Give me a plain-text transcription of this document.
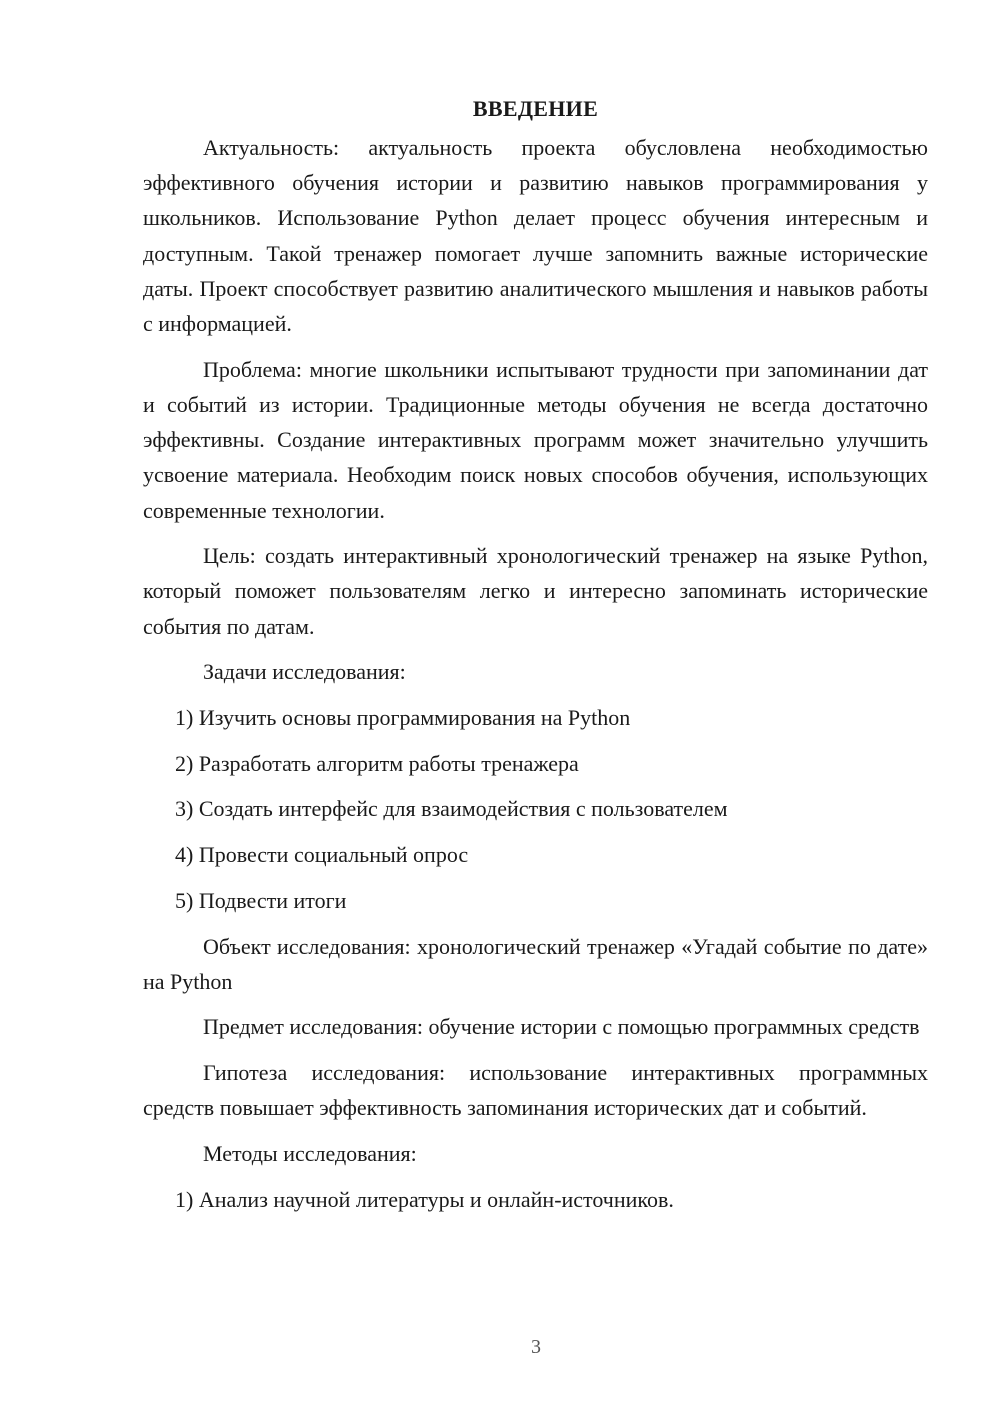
ВВЕДЕНИЕ

Актуальность: актуальность проекта обусловлена необходимостью эффективного обучения истории и развитию навыков программирования у школьников. Использование Python делает процесс обучения интересным и доступным. Такой тренажер помогает лучше запомнить важные исторические даты. Проект способствует развитию аналитического мышления и навыков работы с информацией.

Проблема: многие школьники испытывают трудности при запоминании дат и событий из истории. Традиционные методы обучения не всегда достаточно эффективны. Создание интерактивных программ может значительно улучшить усвоение материала. Необходим поиск новых способов обучения, использующих современные технологии.

Цель: создать интерактивный хронологический тренажер на языке Python, который поможет пользователям легко и интересно запоминать исторические события по датам.

Задачи исследования:
1) Изучить основы программирования на Python
2) Разработать алгоритм работы тренажера
3) Создать интерфейс для взаимодействия с пользователем
4) Провести социальный опрос
5) Подвести итоги

Объект исследования: хронологический тренажер «Угадай событие по дате» на Python

Предмет исследования: обучение истории с помощью программных средств

Гипотеза исследования: использование интерактивных программных средств повышает эффективность запоминания исторических дат и событий.

Методы исследования:
1) Анализ научной литературы и онлайн-источников.
3
